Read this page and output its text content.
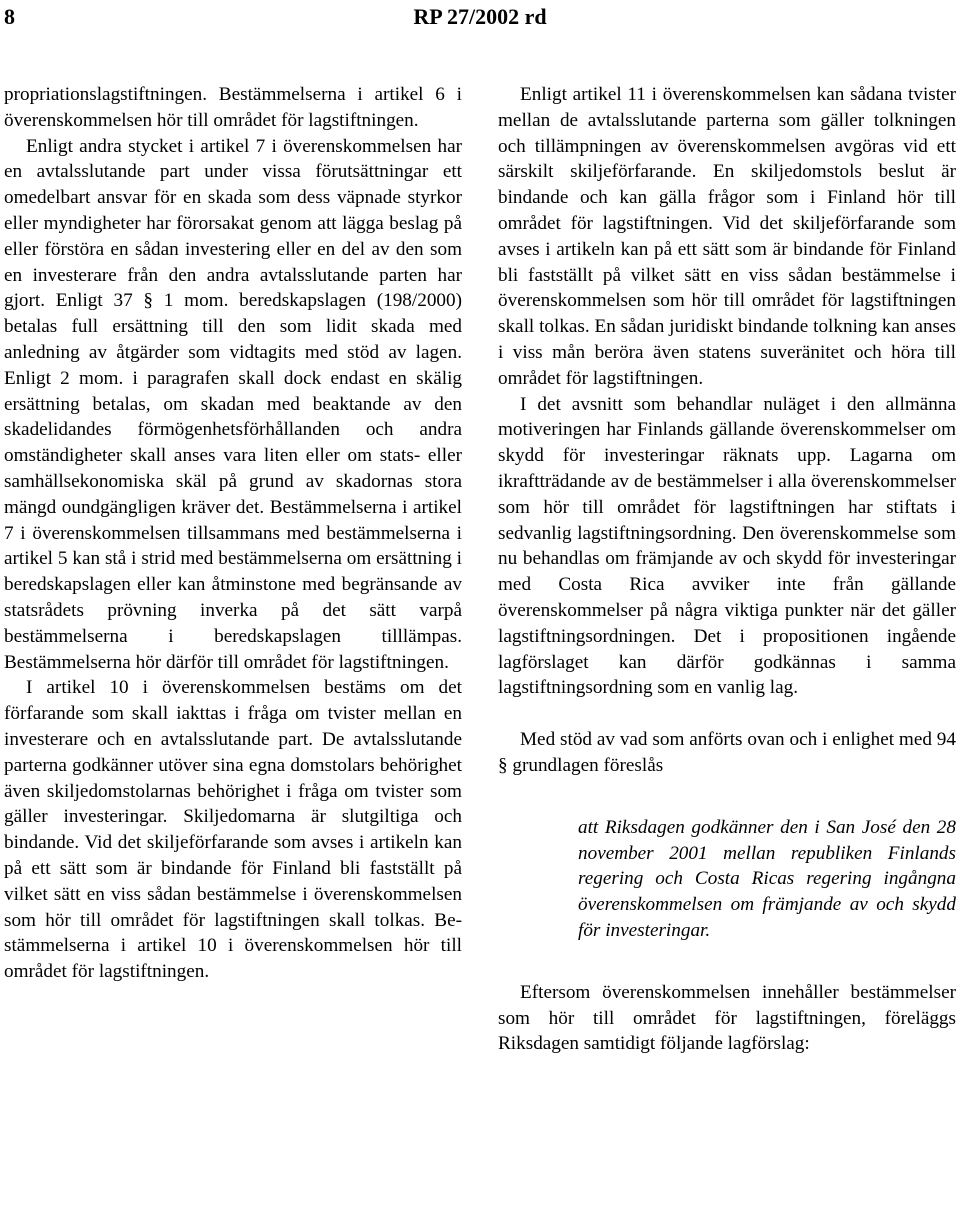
8	RP 27/2002 rd

propriationslagstiftningen. Bestämmelserna i artikel 6 i överenskommelsen hör till området för lagstiftningen.

Enligt andra stycket i artikel 7 i överenskommelsen har en avtalsslutande part under vissa förutsättningar ett omedelbart ansvar för en skada som dess väpnade styrkor eller myndigheter har förorsakat genom att lägga beslag på eller förstöra en sådan investering eller en del av den som en investerare från den andra avtalsslutande parten har gjort. Enligt 37 § 1 mom. beredskapslagen (198/2000) betalas full ersättning till den som lidit skada med anledning av åtgärder som vidtagits med stöd av lagen. Enligt 2 mom. i paragrafen skall dock endast en skälig ersättning betalas, om skadan med beaktande av den skadelidandes förmögenhetsförhållanden och andra omständigheter skall anses vara liten eller om stats- eller samhällsekonomiska skäl på grund av skadornas stora mängd oundgängligen kräver det. Bestämmelserna i artikel 7 i överenskommelsen tillsammans med bestämmelserna i artikel 5 kan stå i strid med bestämmelserna om ersättning i beredskapslagen eller kan åtminstone med begränsande av statsrådets prövning inverka på det sätt varpå bestämmelserna i beredskapslagen tilllämpas. Bestämmelserna hör därför till området för lagstiftningen.

I artikel 10 i överenskommelsen bestäms om det förfarande som skall iakttas i fråga om tvister mellan en investerare och en avtalsslutande part. De avtalsslutande parterna godkänner utöver sina egna domstolars behörighet även skiljedomstolarnas behörighet i fråga om tvister som gäller investeringar. Skiljedomarna är slutgiltiga och bindande. Vid det skiljeförfarande som avses i artikeln kan på ett sätt som är bindande för Finland bli fastställt på vilket sätt en viss sådan bestämmelse i överenskommelsen som hör till området för lagstiftningen skall tolkas. Bestämmelserna i artikel 10 i överenskommelsen hör till området för lagstiftningen.

Enligt artikel 11 i överenskommelsen kan sådana tvister mellan de avtalsslutande parterna som gäller tolkningen och tillämpningen av överenskommelsen avgöras vid ett särskilt skiljeförfarande. En skiljedomstols beslut är bindande och kan gälla frågor som i Finland hör till området för lagstiftningen. Vid det skiljeförfarande som avses i artikeln kan på ett sätt som är bindande för Finland bli fastställt på vilket sätt en viss sådan bestämmelse i överenskommelsen som hör till området för lagstiftningen skall tolkas. En sådan juridiskt bindande tolkning kan anses i viss mån beröra även statens suveränitet och höra till området för lagstiftningen.

I det avsnitt som behandlar nuläget i den allmänna motiveringen har Finlands gällande överenskommelser om skydd för investeringar räknats upp. Lagarna om ikraftträdande av de bestämmelser i alla överenskommelser som hör till området för lagstiftningen har stiftats i sedvanlig lagstiftningsordning. Den överenskommelse som nu behandlas om främjande av och skydd för investeringar med Costa Rica avviker inte från gällande överenskommelser på några viktiga punkter när det gäller lagstiftningsordningen. Det i propositionen ingående lagförslaget kan därför godkännas i samma lagstiftningsordning som en vanlig lag.

Med stöd av vad som anförts ovan och i enlighet med 94 § grundlagen föreslås

att Riksdagen godkänner den i San José den 28 november 2001 mellan republiken Finlands regering och Costa Ricas regering ingångna överenskommelsen om främjande av och skydd för investeringar.

Eftersom överenskommelsen innehåller bestämmelser som hör till området för lagstiftningen, föreläggs Riksdagen samtidigt följande lagförslag:
